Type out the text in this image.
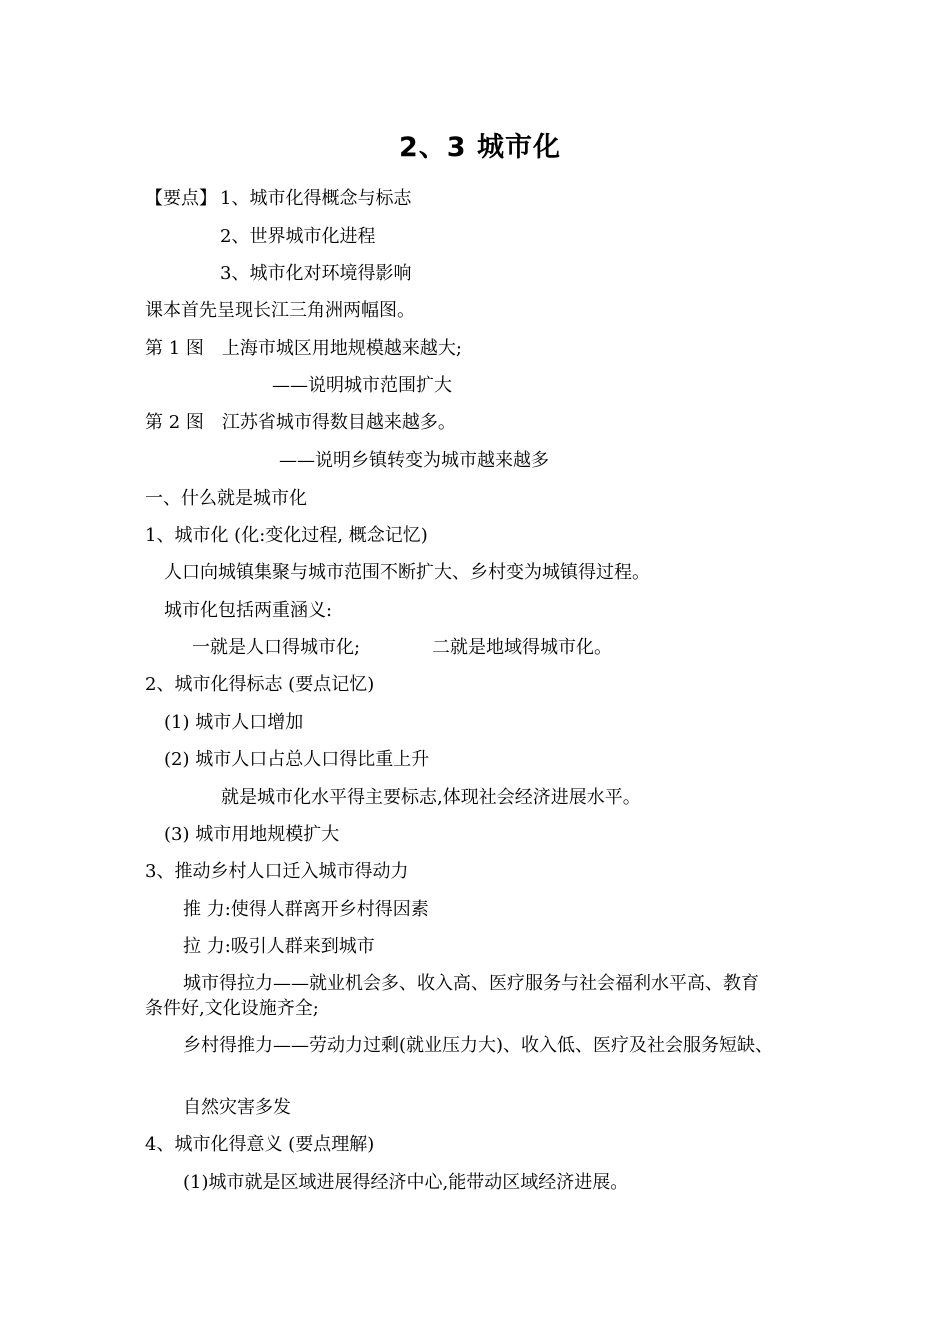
2、3 城市化
【要点】 1、城市化得概念与标志
2、世界城市化进程
3、城市化对环境得影响
课本首先呈现长江三角洲两幅图。
第 1 图　上海市城区用地规模越来越大;
——说明城市范围扩大
第 2 图　江苏省城市得数目越来越多。
——说明乡镇转变为城市越来越多
一、什么就是城市化
1、城市化 (化:变化过程, 概念记忆)
人口向城镇集聚与城市范围不断扩大、乡村变为城镇得过程。
城市化包括两重涵义:
一就是人口得城市化;	二就是地域得城市化。
2、城市化得标志 (要点记忆)
(1) 城市人口增加
(2) 城市人口占总人口得比重上升
就是城市化水平得主要标志,体现社会经济进展水平。
(3) 城市用地规模扩大
3、推动乡村人口迁入城市得动力
推 力:使得人群离开乡村得因素
拉 力:吸引人群来到城市
城市得拉力——就业机会多、收入高、医疗服务与社会福利水平高、教育
条件好,文化设施齐全;
乡村得推力——劳动力过剩(就业压力大)、收入低、医疗及社会服务短缺、
自然灾害多发
4、城市化得意义 (要点理解)
(1)城市就是区域进展得经济中心,能带动区域经济进展。
